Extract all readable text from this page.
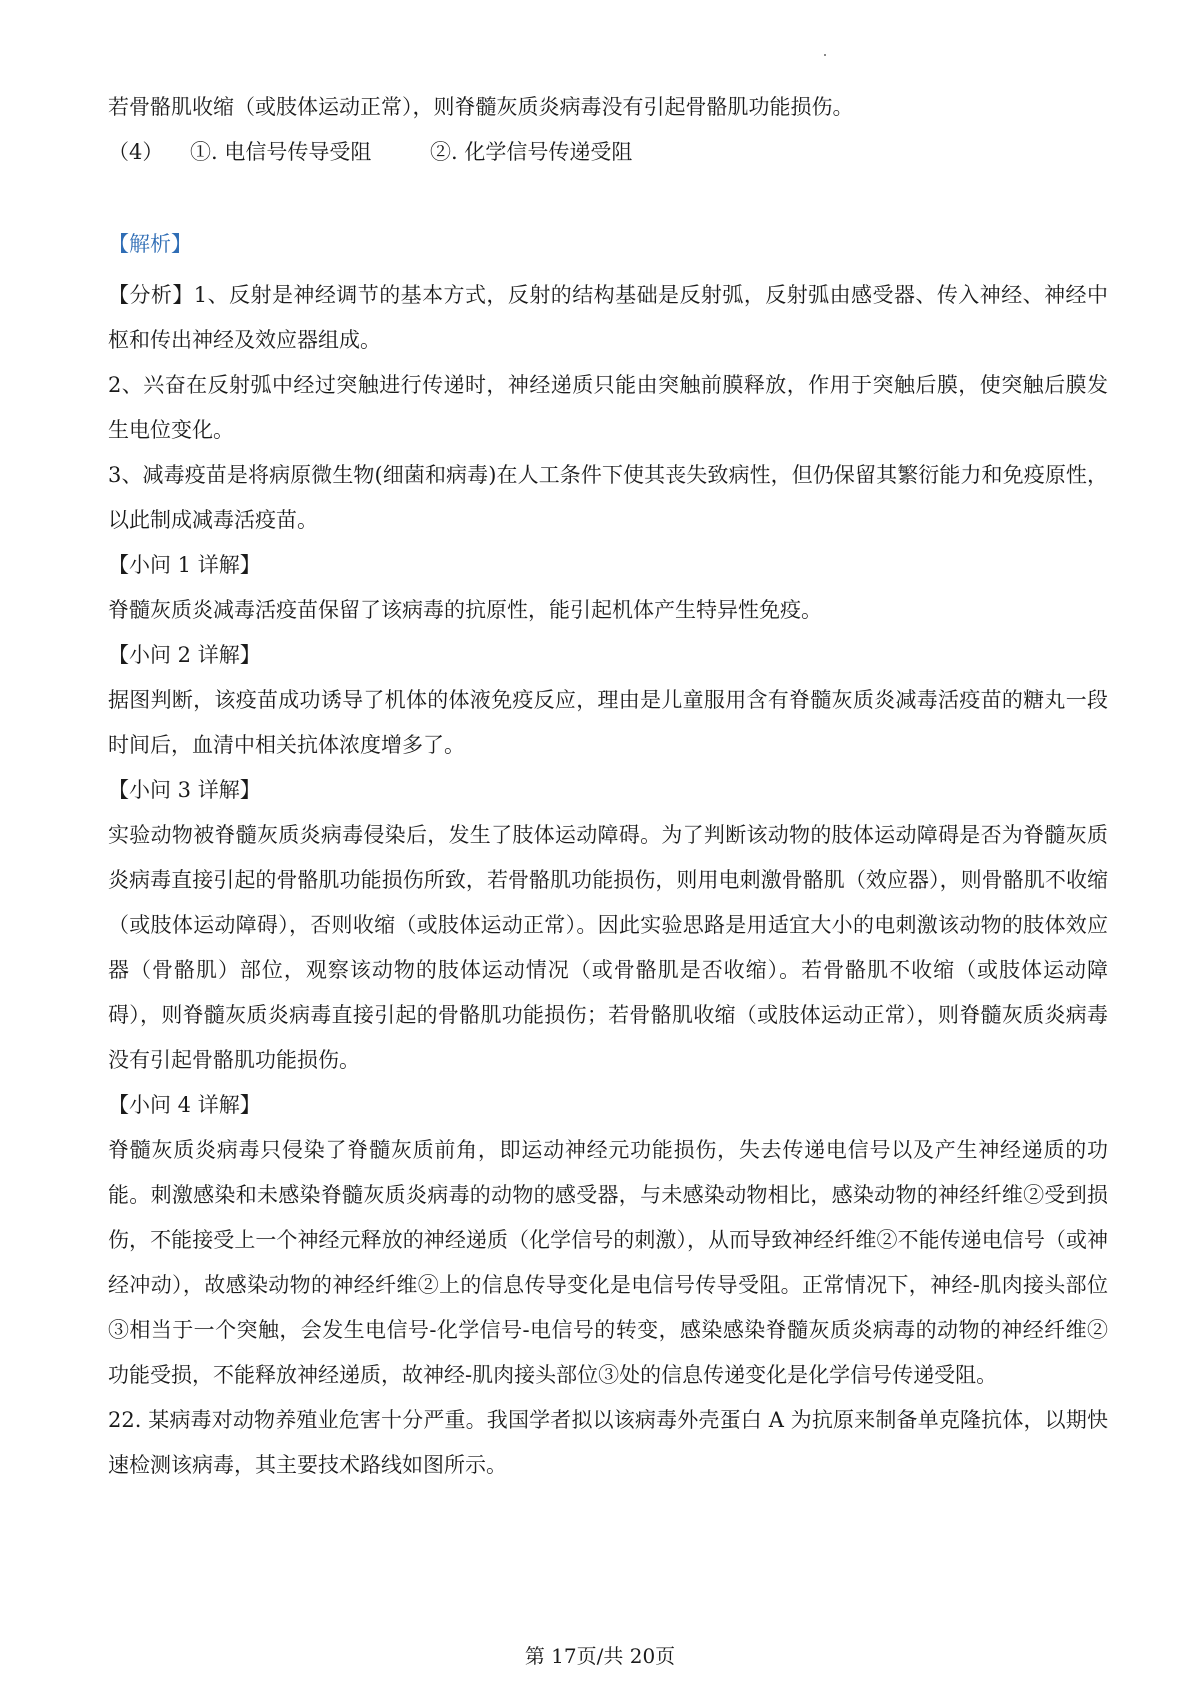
若骨骼肌收缩（或肢体运动正常），则脊髓灰质炎病毒没有引起骨骼肌功能损伤。

（4）	①. 电信号传导受阻	②. 化学信号传递受阻

【解析】

【分析】1、反射是神经调节的基本方式，反射的结构基础是反射弧，反射弧由感受器、传入神经、神经中枢和传出神经及效应器组成。

2、兴奋在反射弧中经过突触进行传递时，神经递质只能由突触前膜释放，作用于突触后膜，使突触后膜发生电位变化。

3、减毒疫苗是将病原微生物(细菌和病毒)在人工条件下使其丧失致病性，但仍保留其繁衍能力和免疫原性，以此制成减毒活疫苗。

【小问 1 详解】

脊髓灰质炎减毒活疫苗保留了该病毒的抗原性，能引起机体产生特异性免疫。

【小问 2 详解】

据图判断，该疫苗成功诱导了机体的体液免疫反应，理由是儿童服用含有脊髓灰质炎减毒活疫苗的糖丸一段时间后，血清中相关抗体浓度增多了。

【小问 3 详解】

实验动物被脊髓灰质炎病毒侵染后，发生了肢体运动障碍。为了判断该动物的肢体运动障碍是否为脊髓灰质炎病毒直接引起的骨骼肌功能损伤所致，若骨骼肌功能损伤，则用电刺激骨骼肌（效应器），则骨骼肌不收缩（或肢体运动障碍），否则收缩（或肢体运动正常）。因此实验思路是用适宜大小的电刺激该动物的肢体效应器（骨骼肌）部位，观察该动物的肢体运动情况（或骨骼肌是否收缩）。若骨骼肌不收缩（或肢体运动障碍），则脊髓灰质炎病毒直接引起的骨骼肌功能损伤；若骨骼肌收缩（或肢体运动正常），则脊髓灰质炎病毒没有引起骨骼肌功能损伤。

【小问 4 详解】

脊髓灰质炎病毒只侵染了脊髓灰质前角，即运动神经元功能损伤，失去传递电信号以及产生神经递质的功能。刺激感染和未感染脊髓灰质炎病毒的动物的感受器，与未感染动物相比，感染动物的神经纤维②受到损伤，不能接受上一个神经元释放的神经递质（化学信号的刺激），从而导致神经纤维②不能传递电信号（或神经冲动），故感染动物的神经纤维②上的信息传导变化是电信号传导受阻。正常情况下，神经-肌肉接头部位③相当于一个突触，会发生电信号-化学信号-电信号的转变，感染感染脊髓灰质炎病毒的动物的神经纤维②功能受损，不能释放神经递质，故神经-肌肉接头部位③处的信息传递变化是化学信号传递受阻。

22. 某病毒对动物养殖业危害十分严重。我国学者拟以该病毒外壳蛋白 A 为抗原来制备单克隆抗体，以期快速检测该病毒，其主要技术路线如图所示。

第 17页/共 20页
